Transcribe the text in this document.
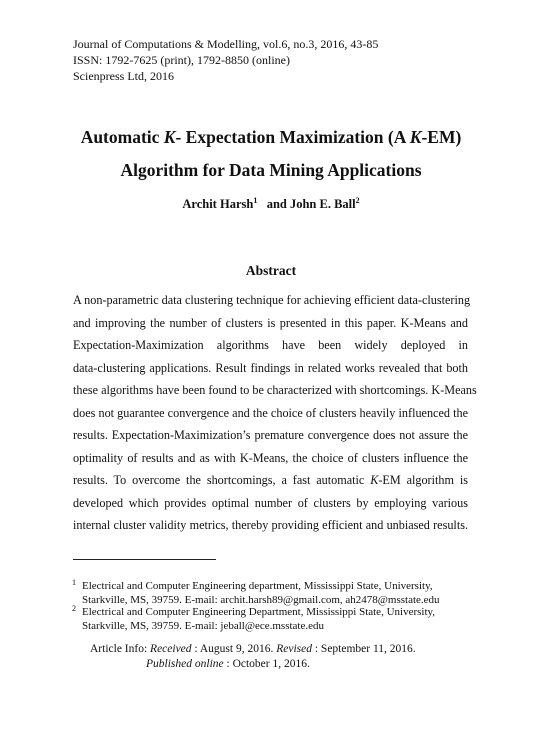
Journal of Computations & Modelling, vol.6, no.3, 2016, 43-85
ISSN: 1792-7625 (print), 1792-8850 (online)
Scienpress Ltd, 2016
Automatic K- Expectation Maximization (A K-EM)
Algorithm for Data Mining Applications
Archit Harsh$^1$ and John E. Ball$^2$
Abstract
A non-parametric data clustering technique for achieving efficient data-clustering
and improving the number of clusters is presented in this paper. K-Means and
Expectation-Maximization algorithms have been widely deployed in
data-clustering applications. Result findings in related works revealed that both
these algorithms have been found to be characterized with shortcomings. K-Means
does not guarantee convergence and the choice of clusters heavily influenced the
results. Expectation-Maximization’s premature convergence does not assure the
optimality of results and as with K-Means, the choice of clusters influence the
results. To overcome the shortcomings, a fast automatic K-EM algorithm is
developed which provides optimal number of clusters by employing various
internal cluster validity metrics, thereby providing efficient and unbiased results.
1 Electrical and Computer Engineering department, Mississippi State, University,
Starkville, MS, 39759. E-mail: archit.harsh89@gmail.com, ah2478@msstate.edu
2 Electrical and Computer Engineering Department, Mississippi State, University,
Starkville, MS, 39759. E-mail: jeball@ece.msstate.edu
Article Info: Received : August 9, 2016. Revised : September 11, 2016.
Published online : October 1, 2016.
